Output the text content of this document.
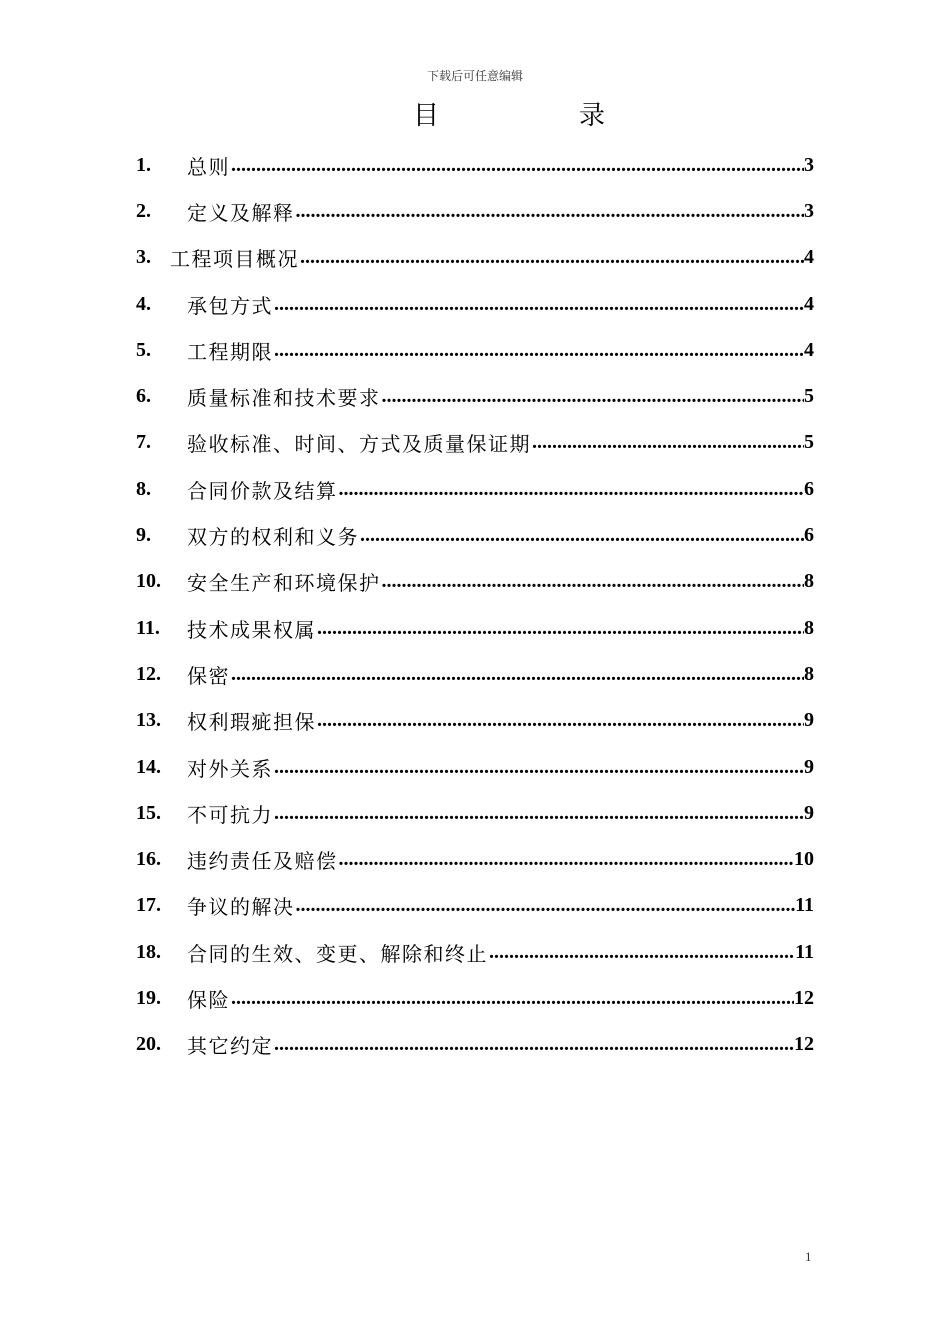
下载后可任意编辑
目	录
1.	总则 .....	3
2.	定义及解释 .....	3
3. 工程项目概况 .....	4
4.	承包方式 .....	4
5.	工程期限 .....	4
6.	质量标准和技术要求 .....	5
7.	验收标准、时间、方式及质量保证期 .....	5
8.	合同价款及结算 .....	6
9.	双方的权利和义务 .....	6
10.	安全生产和环境保护 .....	8
11.	技术成果权属 .....	8
12.	保密 .....	8
13.	权利瑕疵担保 .....	9
14.	对外关系 .....	9
15.	不可抗力 .....	9
16.	违约责任及赔偿 .....	10
17.	争议的解决 .....	11
18.	合同的生效、变更、解除和终止 .....	11
19.	保险 .....	12
20.	其它约定 .....	12
1
